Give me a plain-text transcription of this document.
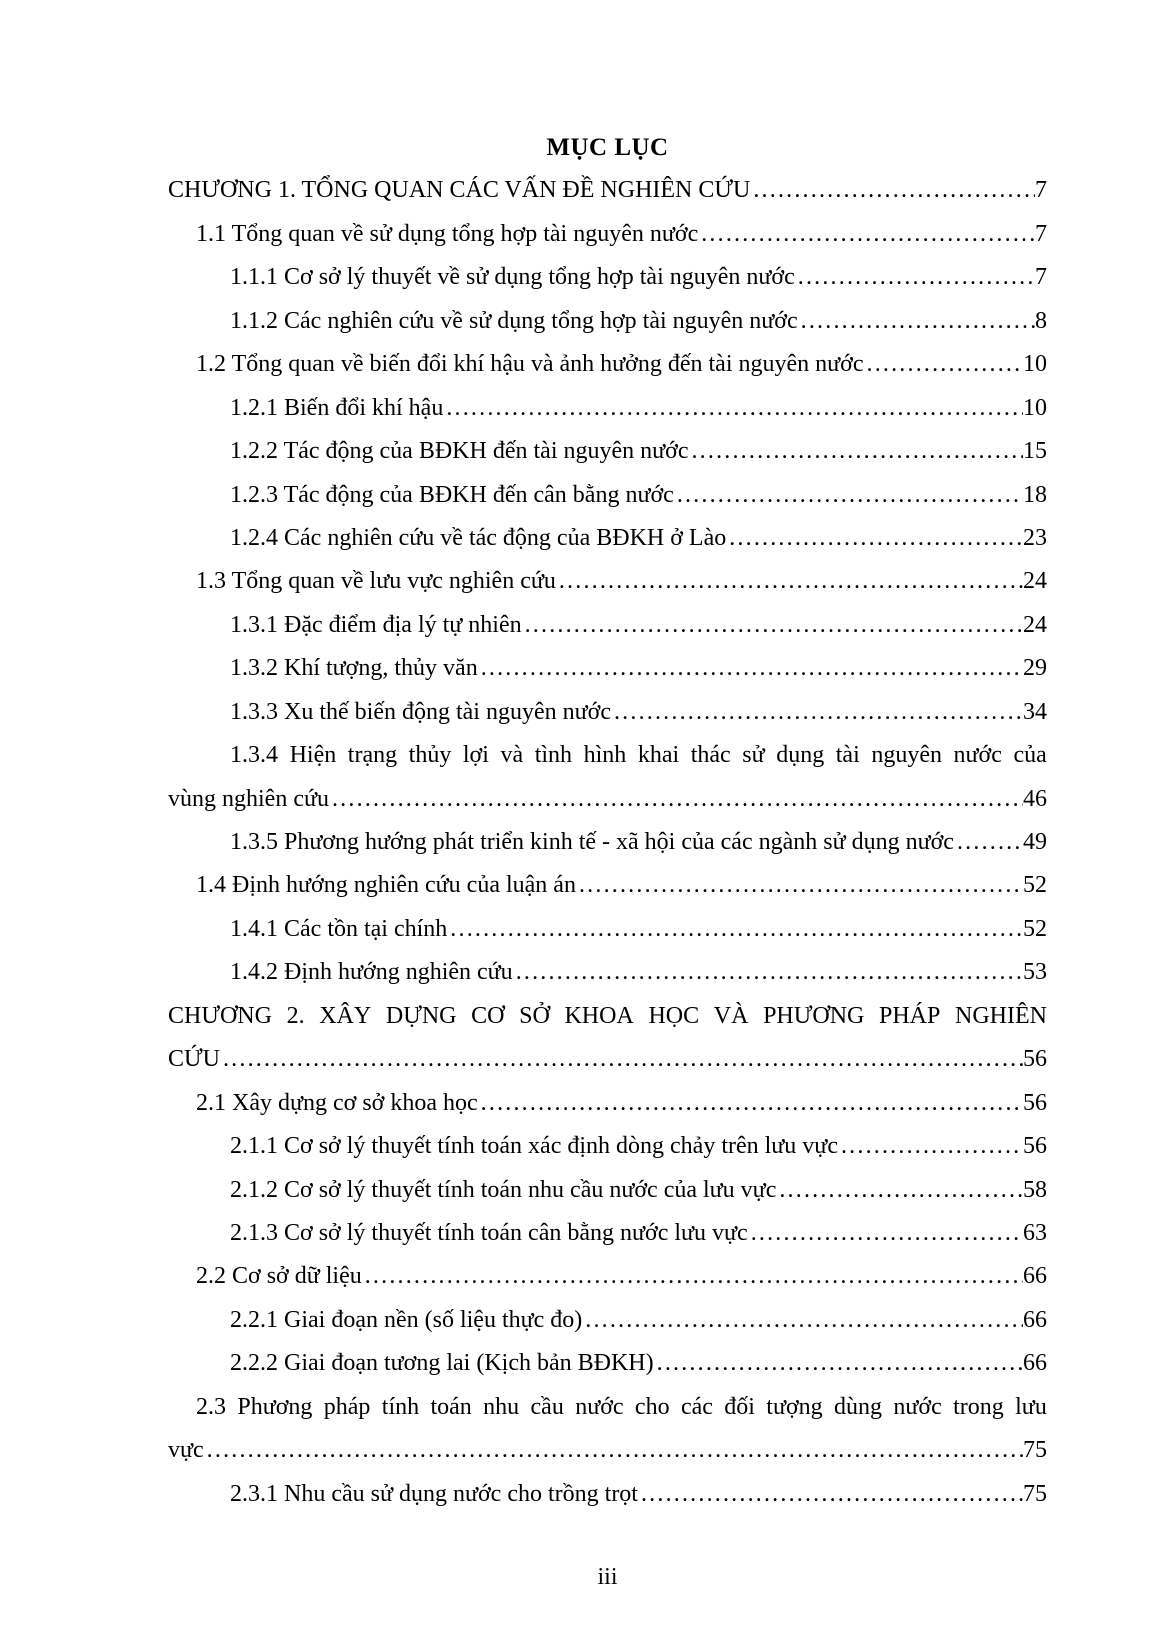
MỤC LỤC
CHƯƠNG 1. TỔNG QUAN CÁC VẤN ĐỀ NGHIÊN CỨU .....	7
1.1 Tổng quan về sử dụng tổng hợp tài nguyên nước .....	7
1.1.1 Cơ sở lý thuyết về sử dụng tổng hợp tài nguyên nước .....	7
1.1.2 Các nghiên cứu về sử dụng tổng hợp tài nguyên nước .....	8
1.2 Tổng quan về biến đổi khí hậu và ảnh hưởng đến tài nguyên nước .....	10
1.2.1 Biến đổi khí hậu .....	10
1.2.2 Tác động của BĐKH đến tài nguyên nước .....	15
1.2.3 Tác động của BĐKH đến cân bằng nước .....	18
1.2.4 Các nghiên cứu về tác động của BĐKH ở Lào .....	23
1.3 Tổng quan về lưu vực nghiên cứu .....	24
1.3.1 Đặc điểm địa lý tự nhiên .....	24
1.3.2 Khí tượng, thủy văn .....	29
1.3.3 Xu thế biến động tài nguyên nước .....	34
1.3.4 Hiện trạng thủy lợi và tình hình khai thác sử dụng tài nguyên nước của
vùng nghiên cứu .....	46
1.3.5 Phương hướng phát triển kinh tế - xã hội của các ngành sử dụng nước .....	49
1.4 Định hướng nghiên cứu của luận án .....	52
1.4.1 Các tồn tại chính .....	52
1.4.2 Định hướng nghiên cứu .....	53
CHƯƠNG 2. XÂY DỰNG CƠ SỞ KHOA HỌC VÀ PHƯƠNG PHÁP NGHIÊN
CỨU .....	56
2.1 Xây dựng cơ sở khoa học .....	56
2.1.1 Cơ sở lý thuyết tính toán xác định dòng chảy trên lưu vực .....	56
2.1.2 Cơ sở lý thuyết tính toán nhu cầu nước của lưu vực .....	58
2.1.3 Cơ sở lý thuyết tính toán cân bằng nước lưu vực .....	63
2.2 Cơ sở dữ liệu .....	66
2.2.1 Giai đoạn nền (số liệu thực đo) .....	66
2.2.2 Giai đoạn tương lai (Kịch bản BĐKH) .....	66
2.3 Phương pháp tính toán nhu cầu nước cho các đối tượng dùng nước trong lưu
vực .....	75
2.3.1 Nhu cầu sử dụng nước cho trồng trọt .....	75
iii
